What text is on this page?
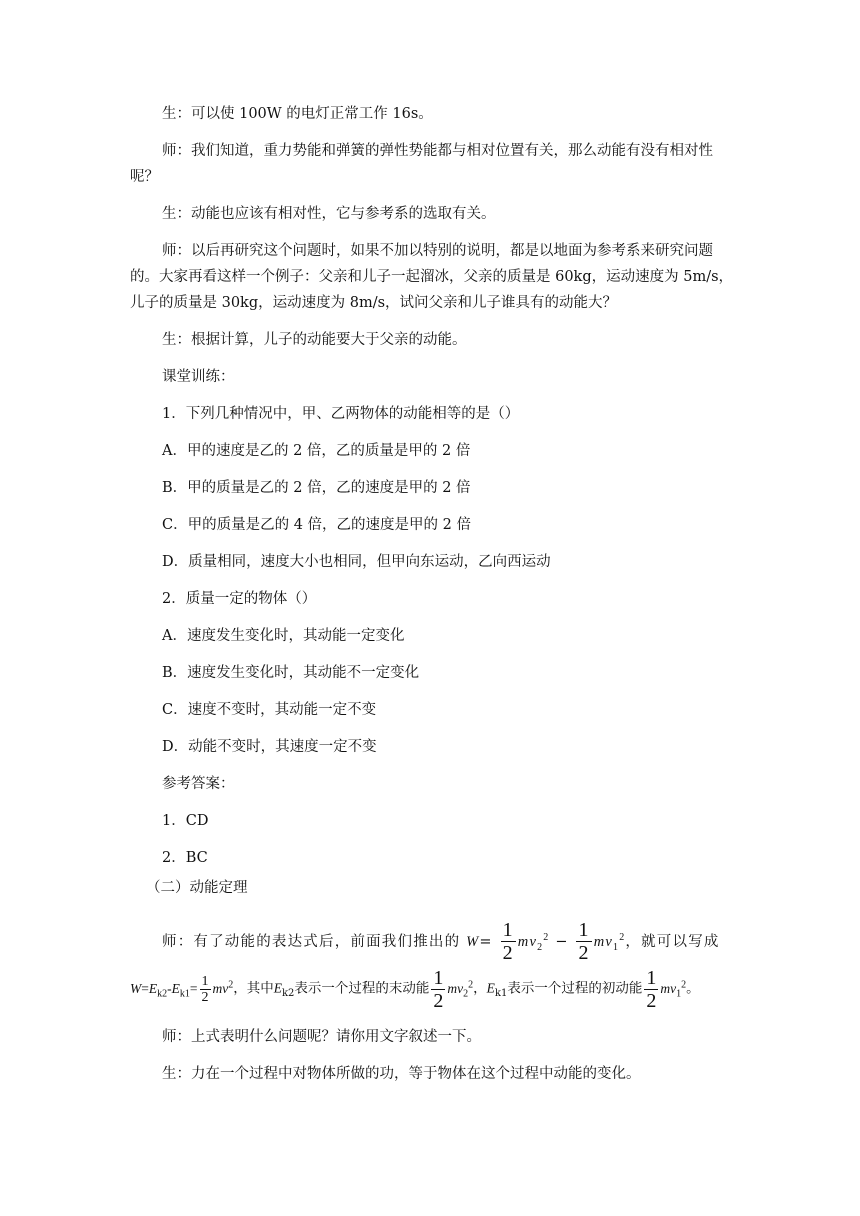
生：可以使 100W 的电灯正常工作 16s。
师：我们知道，重力势能和弹簧的弹性势能都与相对位置有关，那么动能有没有相对性
呢？
生：动能也应该有相对性，它与参考系的选取有关。
师：以后再研究这个问题时，如果不加以特别的说明，都是以地面为参考系来研究问题
的。大家再看这样一个例子：父亲和儿子一起溜冰，父亲的质量是 60kg，运动速度为 5m/s，
儿子的质量是 30kg，运动速度为 8m/s，试问父亲和儿子谁具有的动能大？
生：根据计算，儿子的动能要大于父亲的动能。
课堂训练：
1．下列几种情况中，甲、乙两物体的动能相等的是（）
A．甲的速度是乙的 2 倍，乙的质量是甲的 2 倍
B．甲的质量是乙的 2 倍，乙的速度是甲的 2 倍
C．甲的质量是乙的 4 倍，乙的速度是甲的 2 倍
D．质量相同，速度大小也相同，但甲向东运动，乙向西运动
2．质量一定的物体（）
A．速度发生变化时，其动能一定变化
B．速度发生变化时，其动能不一定变化
C．速度不变时，其动能一定不变
D．动能不变时，其速度一定不变
参考答案：
1．CD
2．BC
（二）动能定理
师：有了动能的表达式后，前面我们推出的 $W= \frac{1}{2} mv_2^2 - \frac{1}{2} mv_1^2$，就可以写成
$W=E_{k2}-E_{k1}= \frac{1}{2} mv^2$，其中$E_{k2}$表示一个过程的末动能 $\frac{1}{2} mv_2^2$，$E_{k1}$表示一个过程的初动能 $\frac{1}{2} mv_1^2$。
师：上式表明什么问题呢？请你用文字叙述一下。
生：力在一个过程中对物体所做的功，等于物体在这个过程中动能的变化。
